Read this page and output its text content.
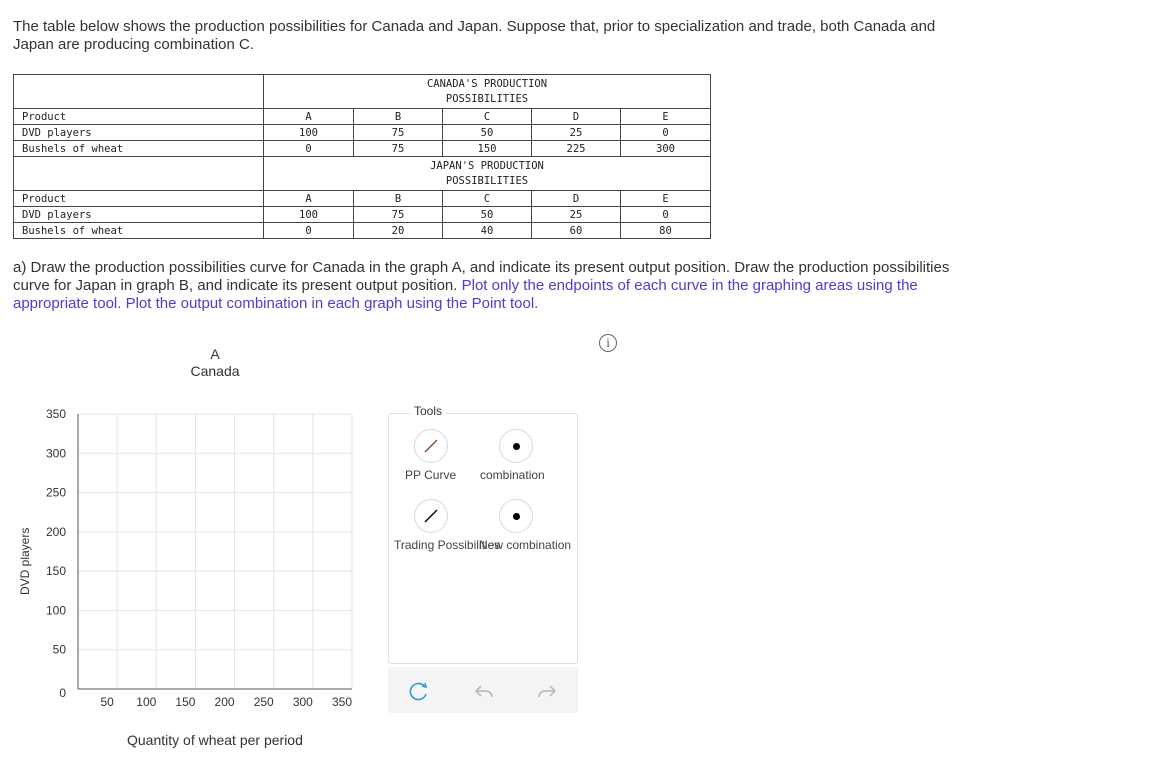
The table below shows the production possibilities for Canada and Japan. Suppose that, prior to specialization and trade, both Canada and Japan are producing combination C.
	CANADA'S PRODUCTION
POSSIBILITIES				
Product	A	B	C	D	E
DVD players	100	75	50	25	0
Bushels of wheat	0	75	150	225	300
	JAPAN'S PRODUCTION
POSSIBILITIES				
Product	A	B	C	D	E
DVD players	100	75	50	25	0
Bushels of wheat	0	20	40	60	80
a) Draw the production possibilities curve for Canada in the graph A, and indicate its present output position. Draw the production possibilities curve for Japan in graph B, and indicate its present output position. Plot only the endpoints of each curve in the graphing areas using the appropriate tool. Plot the output combination in each graph using the Point tool.
i
A
Canada
DVD players
0
50
100
150
200
250
300
350
50 100 150 200 250 300 350
Quantity of wheat per period
Tools
PP Curve	combination
Trading Possibilities
New combination
